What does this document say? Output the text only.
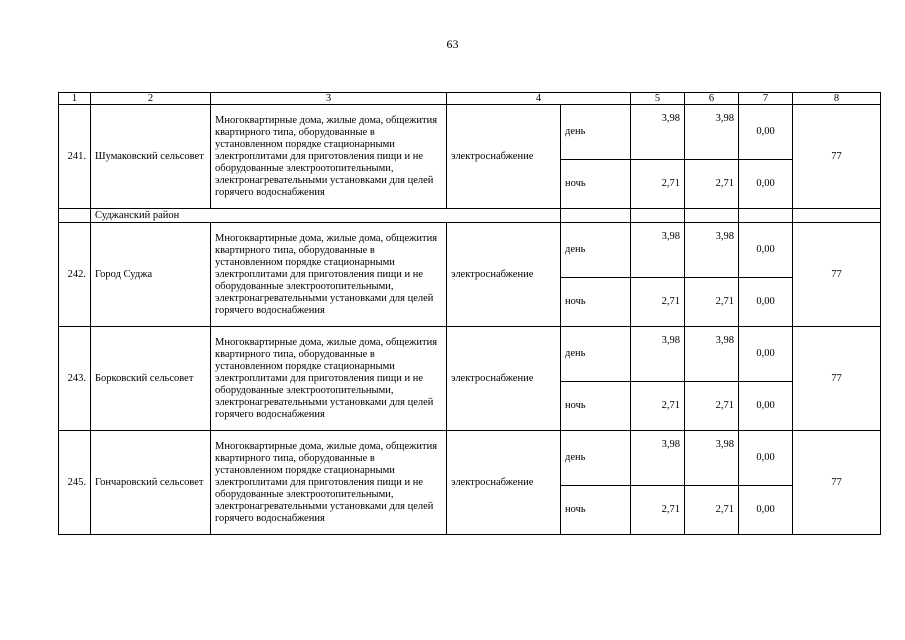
63
1	2	3	4		5	6	7	8
241.	Шумаковский сельсовет	Многоквартирные дома, жилые дома, общежития квартирного типа, оборудованные в установленном порядке стационарными электроплитами для приготовления пищи и не оборудованные электроотопительными, электронагревательными установками для целей горячего водоснабжения	электроснабжение	день	3,98	3,98	0,00	77
				ночь	2,71	2,71	0,00	
	Суджанский район							
242.	Город Суджа	Многоквартирные дома, жилые дома, общежития квартирного типа, оборудованные в установленном порядке стационарными электроплитами для приготовления пищи и не оборудованные электроотопительными, электронагревательными установками для целей горячего водоснабжения	электроснабжение	день	3,98	3,98	0,00	77
				ночь	2,71	2,71	0,00	
243.	Борковский сельсовет	Многоквартирные дома, жилые дома, общежития квартирного типа, оборудованные в установленном порядке стационарными электроплитами для приготовления пищи и не оборудованные электроотопительными, электронагревательными установками для целей горячего водоснабжения	электроснабжение	день	3,98	3,98	0,00	77
				ночь	2,71	2,71	0,00	
245.	Гончаровский сельсовет	Многоквартирные дома, жилые дома, общежития квартирного типа, оборудованные в установленном порядке стационарными электроплитами для приготовления пищи и не оборудованные электроотопительными, электронагревательными установками для целей горячего водоснабжения	электроснабжение	день	3,98	3,98	0,00	77
				ночь	2,71	2,71	0,00	
